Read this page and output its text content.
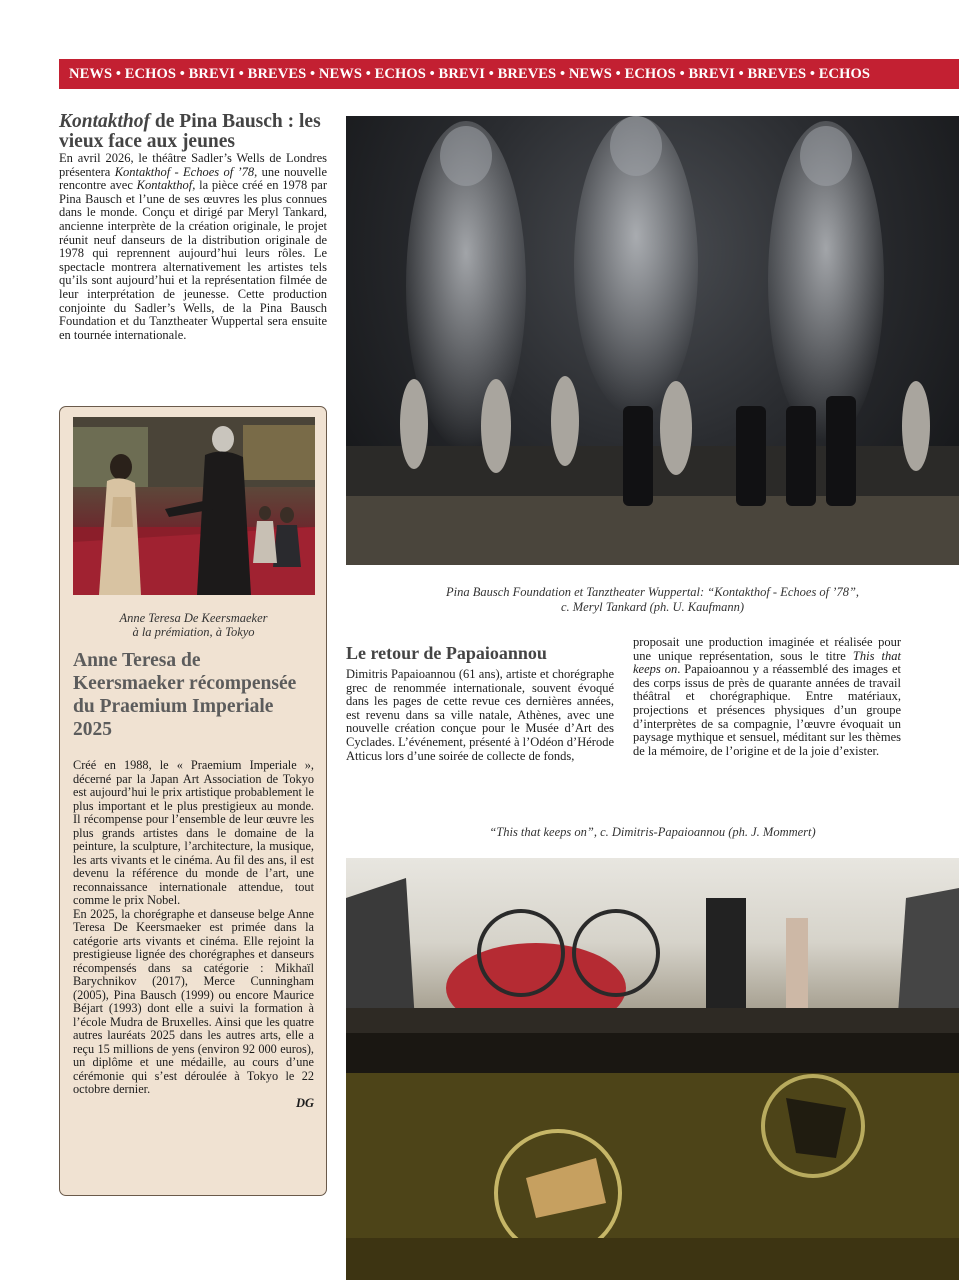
NEWS • ECHOS • BREVI • BREVES • NEWS • ECHOS • BREVI • BREVES • NEWS • ECHOS • BREVI • BREVES • ECHOS
Kontakthof de Pina Bausch : les vieux face aux jeunes

En avril 2026, le théâtre Sadler’s Wells de Londres présentera Kontakthof - Echoes of ’78, une nouvelle rencontre avec Kontakthof, la pièce créé en 1978 par Pina Bausch et l’une de ses œuvres les plus connues dans le monde. Conçu et dirigé par Meryl Tankard, ancienne interprète de la création originale, le projet réunit neuf danseurs de la distribution originale de 1978 qui reprennent aujourd’hui leurs rôles. Le spectacle montrera alternativement les artistes tels qu’ils sont aujourd’hui et la représentation filmée de leur interprétation de jeunesse. Cette production conjointe du Sadler’s Wells, de la Pina Bausch Foundation et du Tanztheater Wuppertal sera ensuite en tournée internationale.

Anne Teresa De Keersmaeker
à la prémiation, à Tokyo

Anne Teresa de Keersmaeker récompensée du Praemium Imperiale 2025

Créé en 1988, le « Praemium Imperiale », décerné par la Japan Art Association de Tokyo est aujourd’hui le prix artistique probablement le plus important et le plus prestigieux au monde. Il récompense pour l’ensemble de leur œuvre les plus grands artistes dans le domaine de la peinture, la sculpture, l’architecture, la musique, les arts vivants et le cinéma. Au fil des ans, il est devenu la référence du monde de l’art, une reconnaissance internationale attendue, tout comme le prix Nobel.

En 2025, la chorégraphe et danseuse belge Anne Teresa De Keersmaeker est primée dans la catégorie arts vivants et cinéma. Elle rejoint la prestigieuse lignée des chorégraphes et danseurs récompensés dans sa catégorie : Mikhaïl Barychnikov (2017), Merce Cunningham (2005), Pina Bausch (1999) ou encore Maurice Béjart (1993) dont elle a suivi la formation à l’école Mudra de Bruxelles. Ainsi que les quatre autres lauréats 2025 dans les autres arts, elle a reçu 15 millions de yens (environ 92 000 euros), un diplôme et une médaille, au cours d’une cérémonie qui s’est déroulée à Tokyo le 22 octobre dernier.

DG

Pina Bausch Foundation et Tanztheater Wuppertal: “Kontakthof - Echoes of ’78”,
c. Meryl Tankard (ph. U. Kaufmann)

Le retour de Papaioannou

Dimitris Papaioannou (61 ans), artiste et chorégraphe grec de renommée internationale, souvent évoqué dans les pages de cette revue ces dernières années, est revenu dans sa ville natale, Athènes, avec une nouvelle création conçue pour le Musée d’Art des Cyclades. L’événement, présenté à l’Odéon d’Hérode Atticus lors d’une soirée de collecte de fonds,

proposait une production imaginée et réalisée pour une unique représentation, sous le titre This that keeps on. Papaioannou y a réassemblé des images et des corps issus de près de quarante années de travail théâtral et chorégraphique. Entre matériaux, projections et présences physiques d’un groupe d’interprètes de sa compagnie, l’œuvre évoquait un paysage mythique et sensuel, méditant sur les thèmes de la mémoire, de l’origine et de la joie d’exister.

“This that keeps on”, c. Dimitris-Papaioannou (ph. J. Mommert)
